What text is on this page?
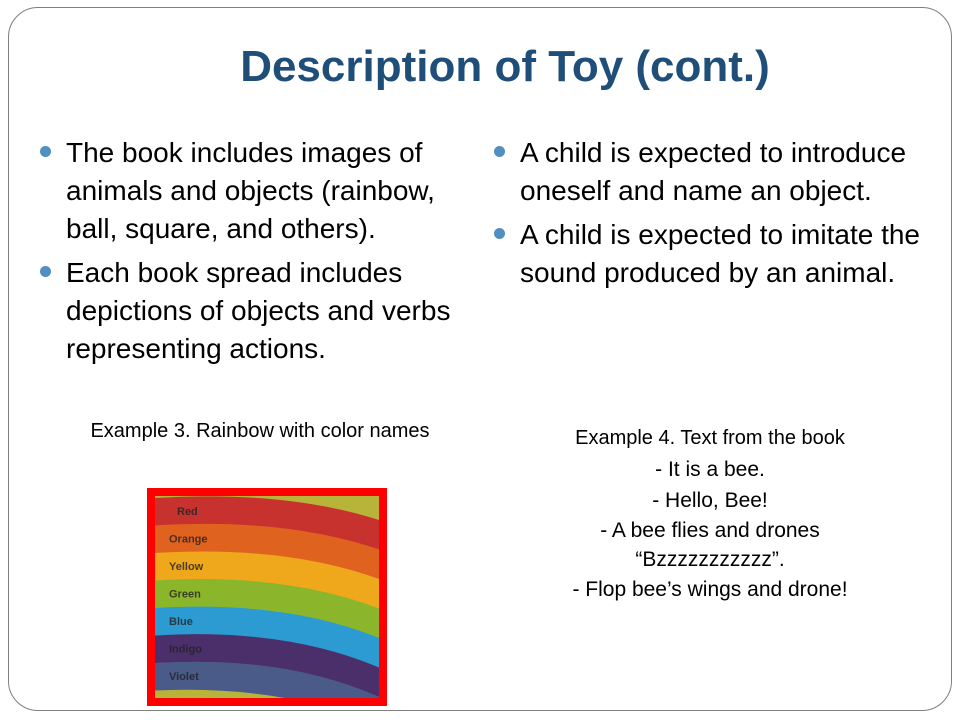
Description of Toy (cont.)
The book includes images of animals and objects (rainbow, ball, square, and others).
Each book spread includes depictions of objects and verbs representing actions.
A child is expected to introduce oneself and name an object.
A child is expected to imitate the sound produced by an animal.
Example 3. Rainbow with color names
Red
Orange
Yellow
Green
Blue
Indigo
Violet
Example 4. Text from the book
- It is a bee.
- Hello, Bee!
- A bee flies and drones
“Bzzzzzzzzzzz”.
- Flop bee’s wings and drone!
